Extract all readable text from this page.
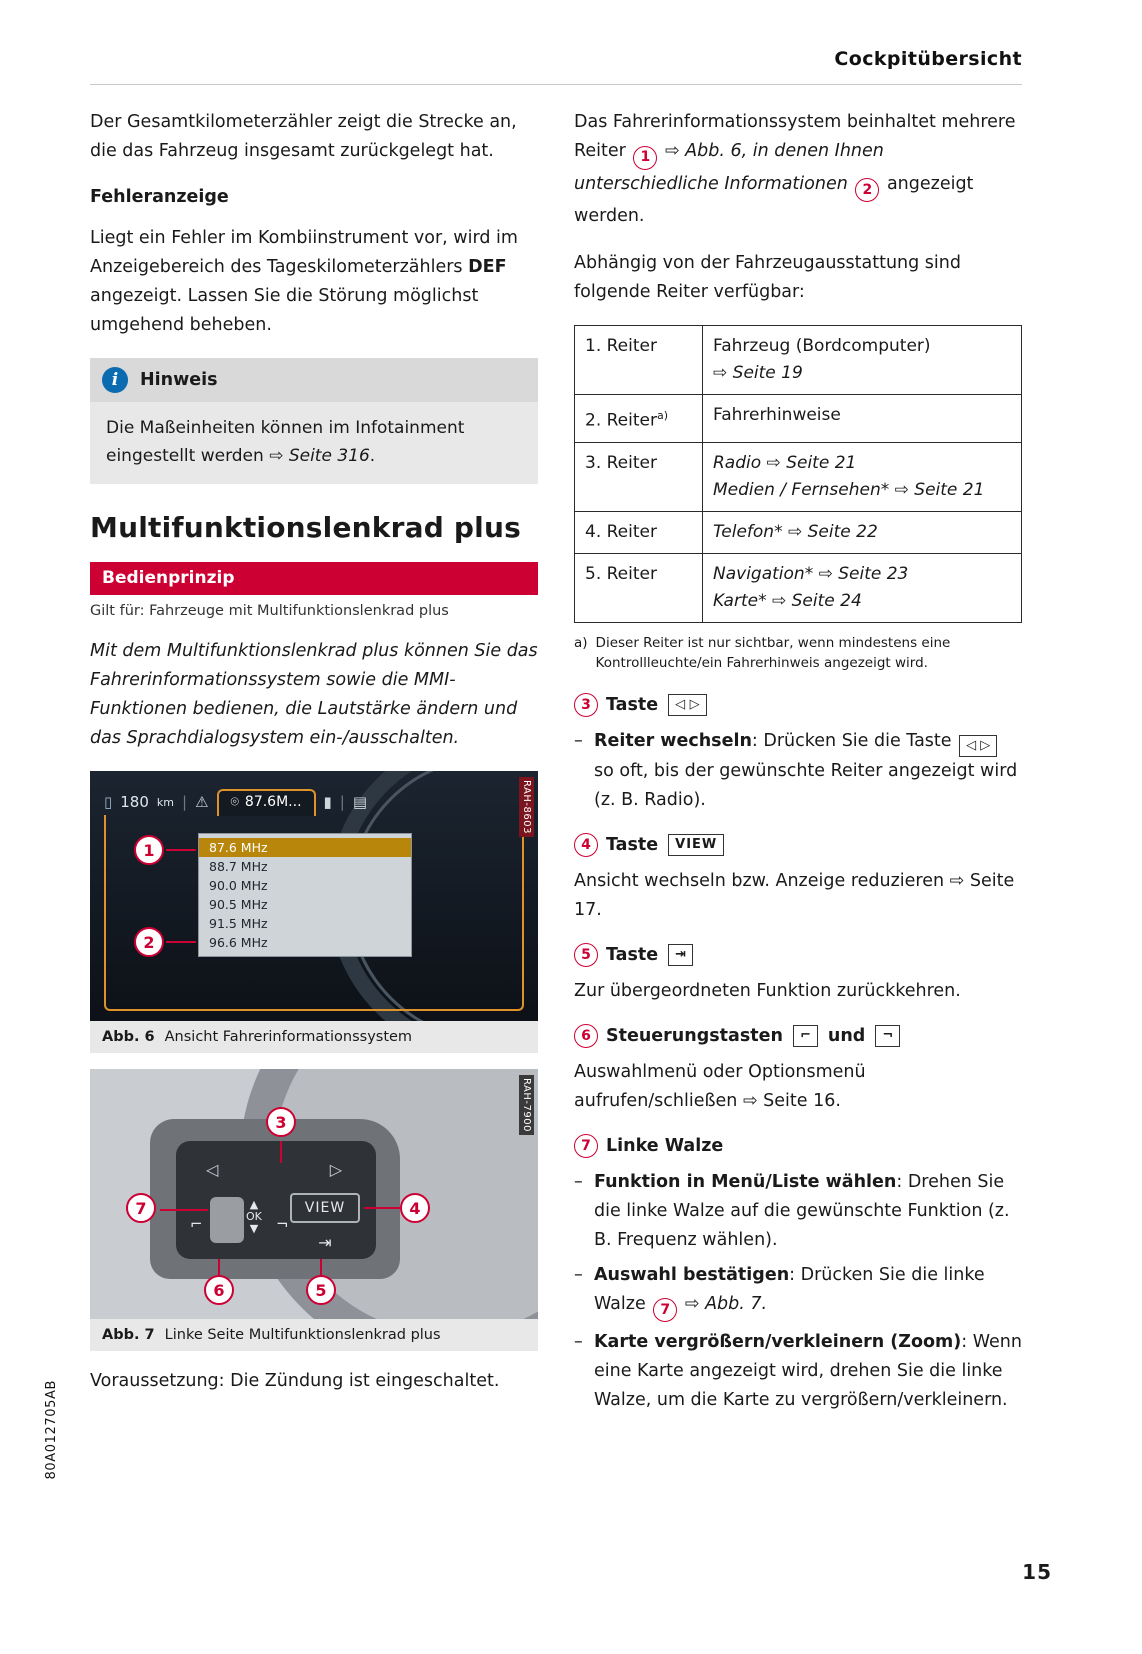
Cockpitübersicht

Der Gesamtkilometerzähler zeigt die Strecke an, die das Fahrzeug insgesamt zurückgelegt hat.

Fehleranzeige

Liegt ein Fehler im Kombiinstrument vor, wird im Anzeigebereich des Tageskilometerzählers DEF angezeigt. Lassen Sie die Störung möglichst umgehend beheben.

i	Hinweis
Die Maßeinheiten können im Infotainment eingestellt werden ⇨ Seite 316.
Multifunktionslenkrad plus
Bedienprinzip
Gilt für: Fahrzeuge mit Multifunktionslenkrad plus

Mit dem Multifunktionslenkrad plus können Sie das Fahrerinformationssystem sowie die MMI-Funktionen bedienen, die Lautstärke ändern und das Sprachdialogsystem ein-/ausschalten.

▯ 180 km | ⚠ ⌾ 87.6M... ▮ | ▤
87.6 MHz
88.7 MHz
90.0 MHz
90.5 MHz
91.5 MHz
96.6 MHz
1
2
RAH-8603
Abb. 6 Ansicht Fahrerinformationssystem
◁	▷
VIEW
⇥
▲
OK
▼
⌐	¬
3
7	4
6	5
RAH-7900
Abb. 7 Linke Seite Multifunktionslenkrad plus

Voraussetzung: Die Zündung ist eingeschaltet.

Das Fahrerinformationssystem beinhaltet mehrere Reiter 1 ⇨ Abb. 6, in denen Ihnen unterschiedliche Informationen 2 angezeigt werden.

Abhängig von der Fahrzeugausstattung sind folgende Reiter verfügbar:

1. Reiter	Fahrzeug (Bordcomputer)
⇨ Seite 19
2. Reiter$^{a)}$	Fahrerhinweise
3. Reiter	Radio ⇨ Seite 21
Medien / Fernsehen* ⇨ Seite 21
4. Reiter	Telefon* ⇨ Seite 22
5. Reiter	Navigation* ⇨ Seite 23
Karte* ⇨ Seite 24
a) Dieser Reiter ist nur sichtbar, wenn mindestens eine Kontrollleuchte/ein Fahrerhinweis angezeigt wird.
3 Taste	◁ ▷
– Reiter wechseln: Drücken Sie die Taste ◁ ▷ so oft, bis der gewünschte Reiter angezeigt wird (z. B. Radio).
4 Taste	VIEW

Ansicht wechseln bzw. Anzeige reduzieren ⇨ Seite 17.

5 Taste	⇥

Zur übergeordneten Funktion zurückkehren.

6 Steuerungstasten	⌐ und	¬

Auswahlmenü oder Optionsmenü aufrufen/schließen ⇨ Seite 16.

7 Linke Walze
– Funktion in Menü/Liste wählen: Drehen Sie die linke Walze auf die gewünschte Funktion (z. B. Frequenz wählen).
– Auswahl bestätigen: Drücken Sie die linke Walze 7 ⇨ Abb. 7.
– Karte vergrößern/verkleinern (Zoom): Wenn eine Karte angezeigt wird, drehen Sie die linke Walze, um die Karte zu vergrößern/verkleinern.
80A012705AB
15
